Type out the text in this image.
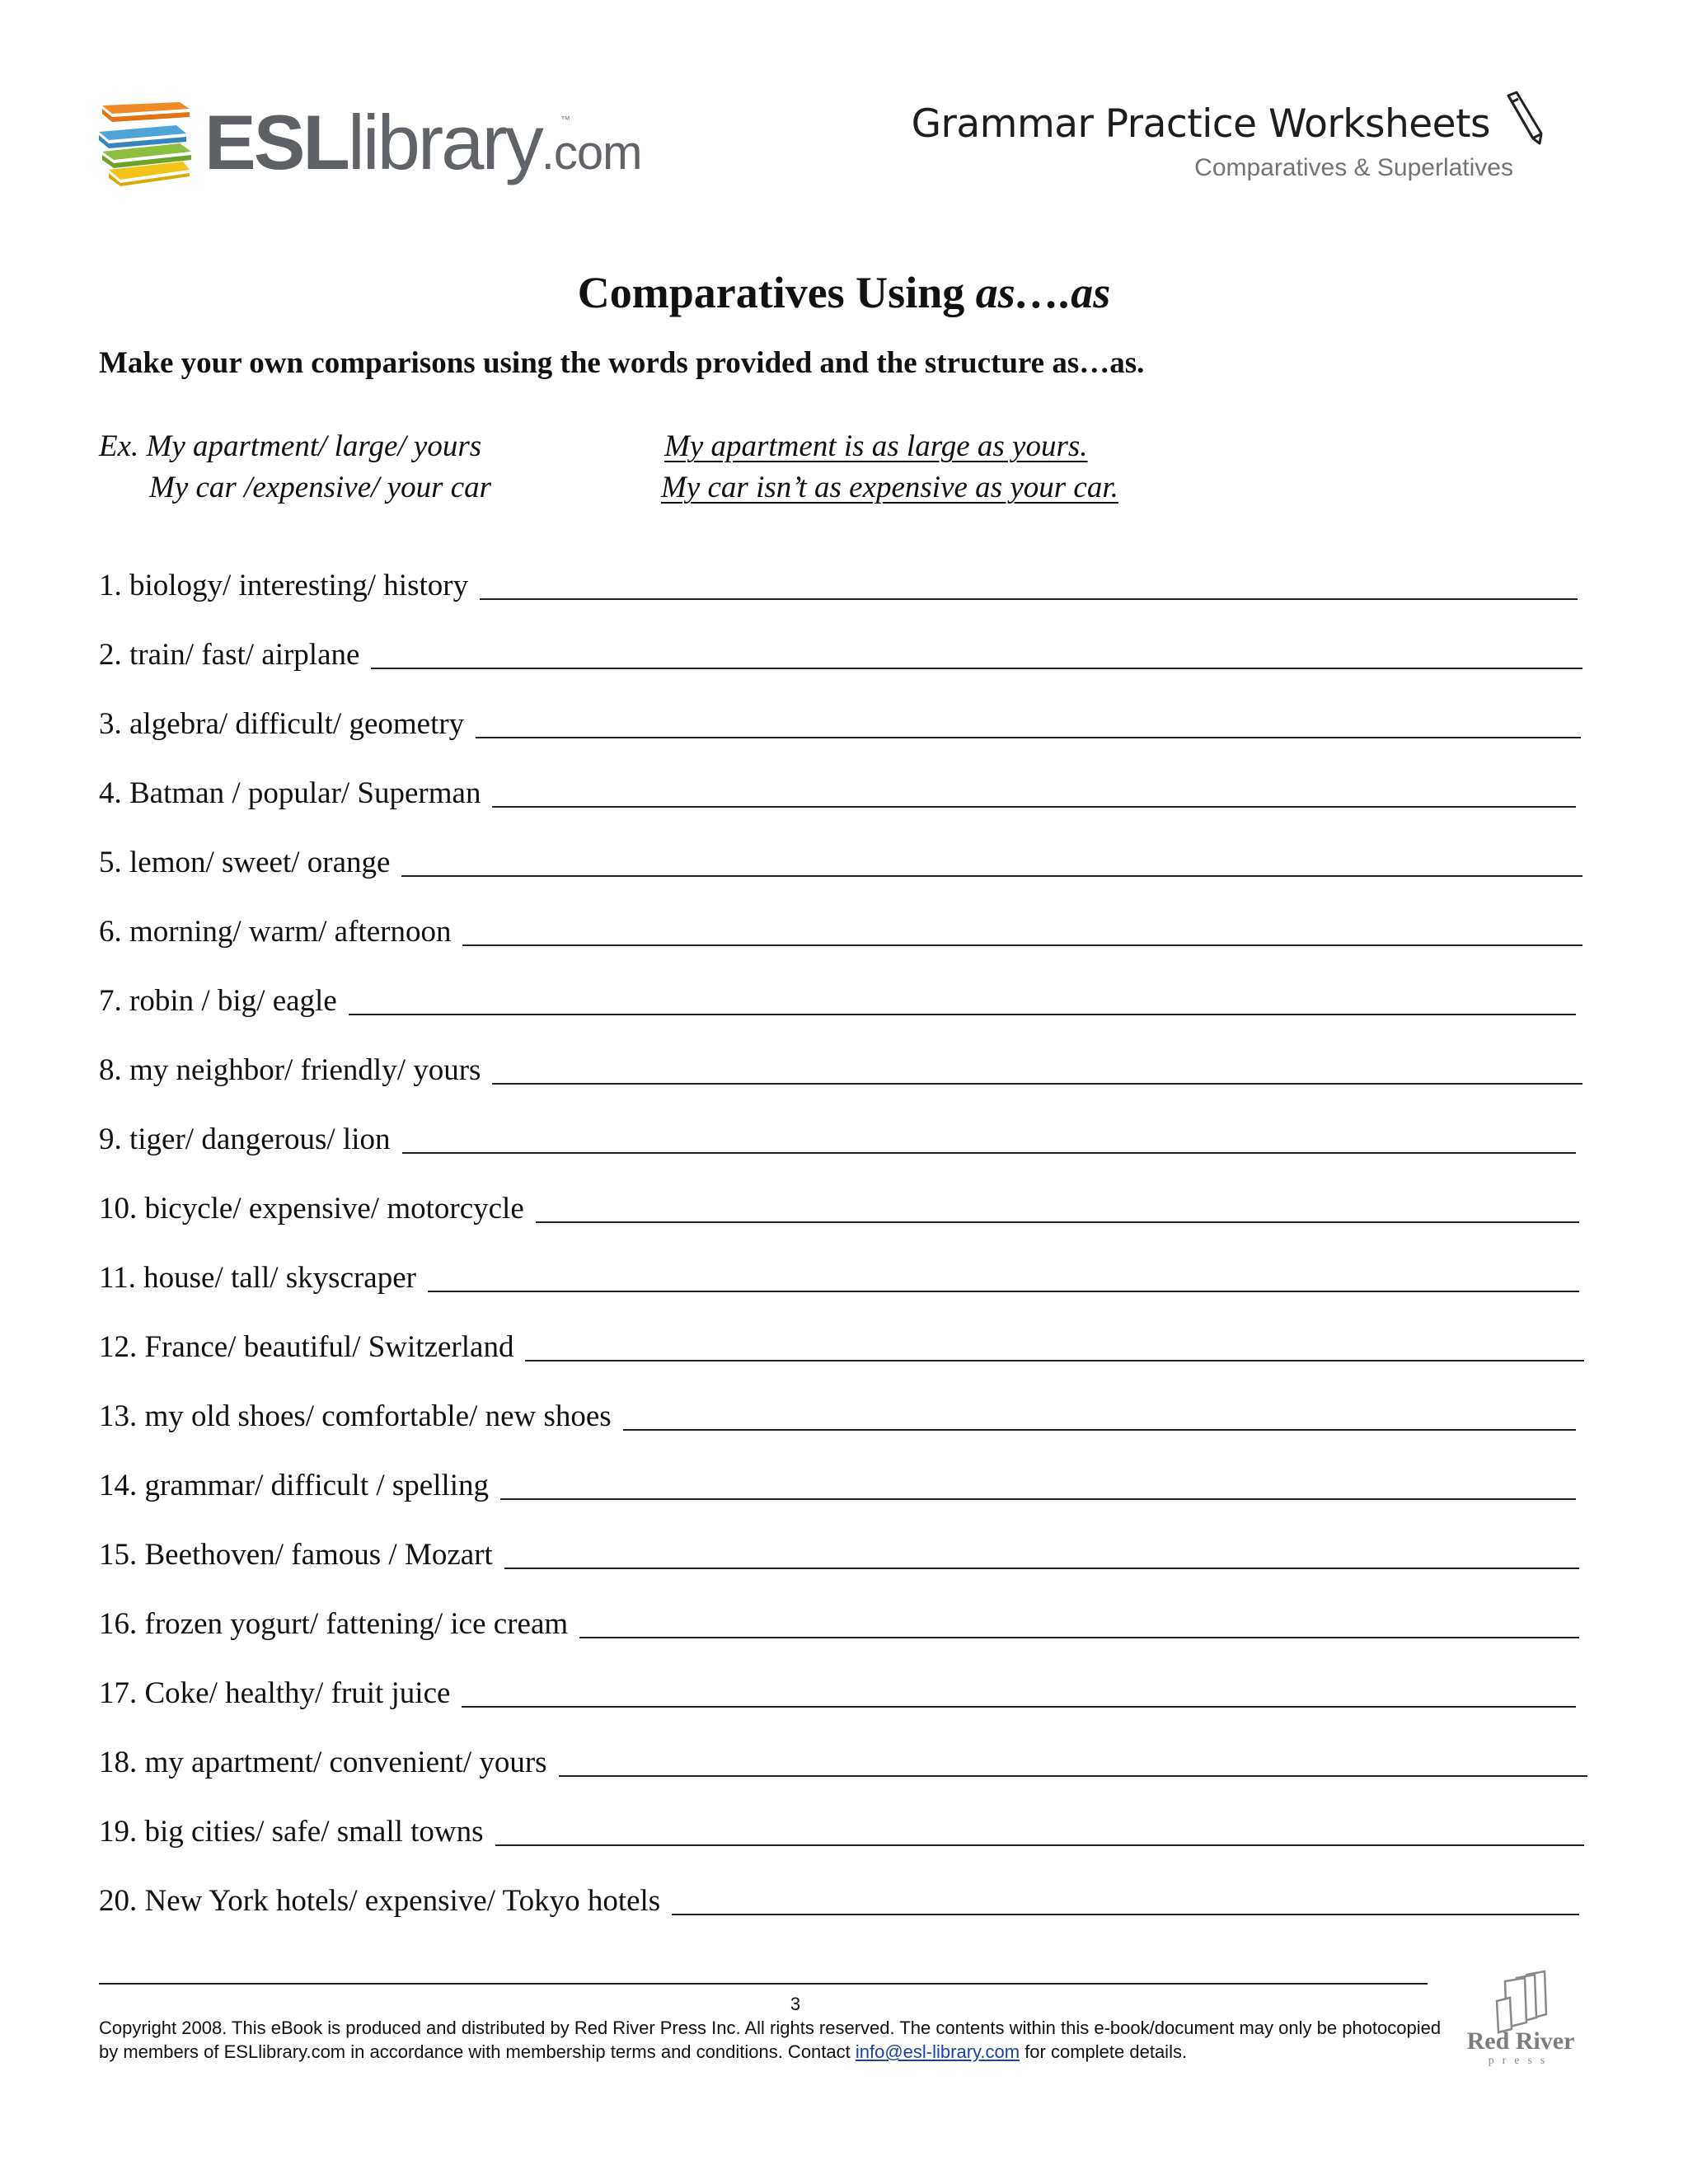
ESLlibrary.com
™	Grammar Practice Worksheets
Comparatives & Superlatives
Comparatives Using as….as
Make your own comparisons using the words provided and the structure as…as.
Ex. My apartment/ large/ yours	My apartment is as large as yours.
My car /expensive/ your car	My car isn’t as expensive as your car.
1. biology/ interesting/ history
2. train/ fast/ airplane
3. algebra/ difficult/ geometry
4. Batman / popular/ Superman
5. lemon/ sweet/ orange
6. morning/ warm/ afternoon
7. robin / big/ eagle
8. my neighbor/ friendly/ yours
9. tiger/ dangerous/ lion
10. bicycle/ expensive/ motorcycle
11. house/ tall/ skyscraper
12. France/ beautiful/ Switzerland
13. my old shoes/ comfortable/ new shoes
14. grammar/ difficult / spelling
15. Beethoven/ famous / Mozart
16. frozen yogurt/ fattening/ ice cream
17. Coke/ healthy/ fruit juice
18. my apartment/ convenient/ yours
19. big cities/ safe/ small towns
20. New York hotels/ expensive/ Tokyo hotels
3
Copyright 2008. This eBook is produced and distributed by Red River Press Inc. All rights reserved. The contents within this e-book/document may only be photocopied by members of ESLlibrary.com in accordance with membership terms and conditions. Contact info@esl-library.com for complete details.	Red River
press
